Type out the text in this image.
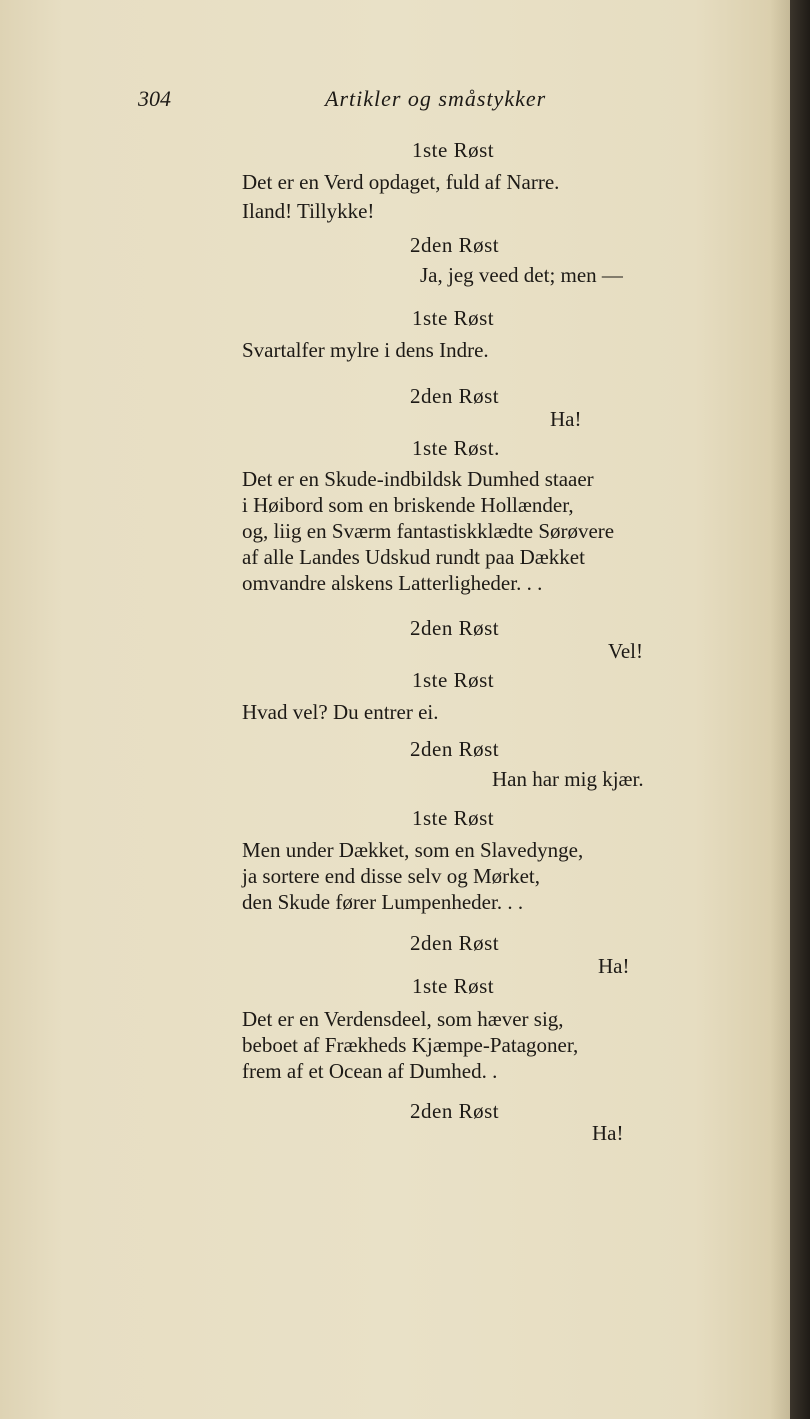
304	Artikler og småstykker
1ste Røst
Det er en Verd opdaget, fuld af Narre.
Iland! Tillykke!
2den Røst
Ja, jeg veed det; men —
1ste Røst
Svartalfer mylre i dens Indre.
2den Røst
Ha!
1ste Røst.
Det er en Skude-indbildsk Dumhed staaer
i Høibord som en briskende Hollænder,
og, liig en Sværm fantastiskklædte Sørøvere
af alle Landes Udskud rundt paa Dækket
omvandre alskens Latterligheder. . .
2den Røst
Vel!
1ste Røst
Hvad vel? Du entrer ei.
2den Røst
Han har mig kjær.
1ste Røst
Men under Dækket, som en Slavedynge,
ja sortere end disse selv og Mørket,
den Skude fører Lumpenheder. . .
2den Røst
Ha!
1ste Røst
Det er en Verdensdeel, som hæver sig,
beboet af Frækheds Kjæmpe-Patagoner,
frem af et Ocean af Dumhed. .
2den Røst
Ha!
